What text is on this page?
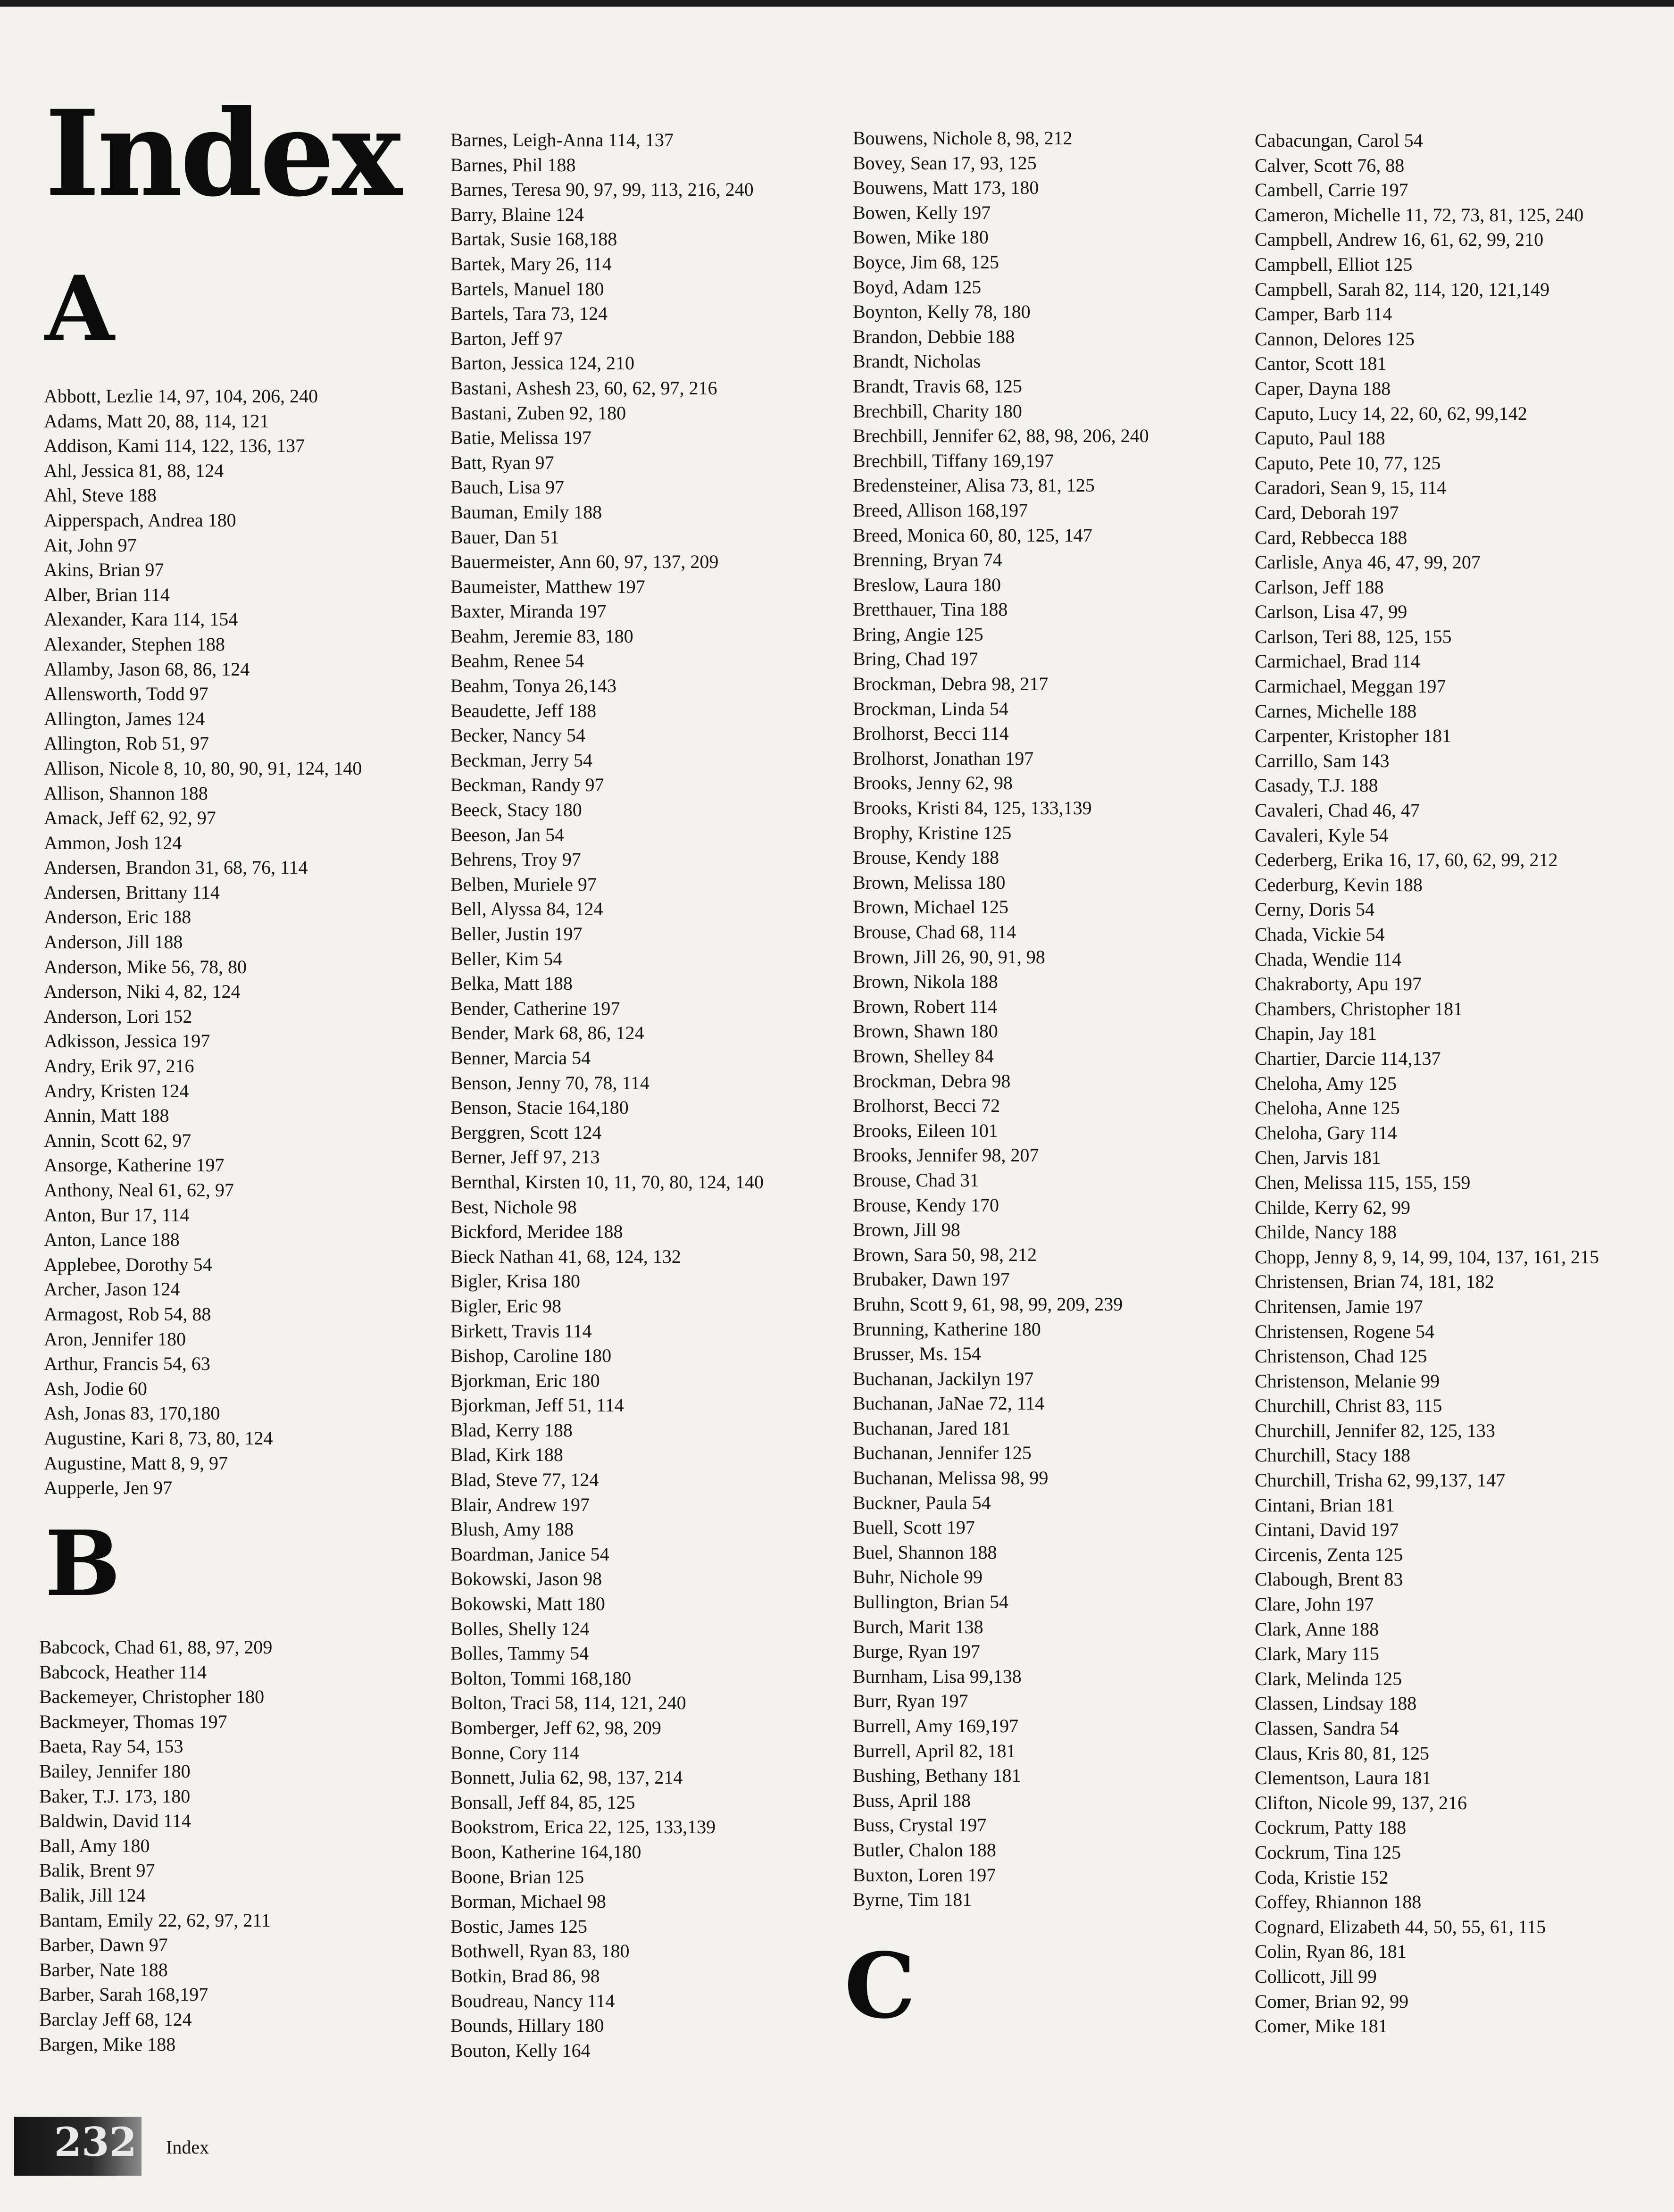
Index
A
Abbott, Lezlie 14, 97, 104, 206, 240
Adams, Matt 20, 88, 114, 121
Addison, Kami 114, 122, 136, 137
Ahl, Jessica 81, 88, 124
Ahl, Steve 188
Aipperspach, Andrea 180
Ait, John 97
Akins, Brian 97
Alber, Brian 114
Alexander, Kara 114, 154
Alexander, Stephen 188
Allamby, Jason 68, 86, 124
Allensworth, Todd 97
Allington, James 124
Allington, Rob 51, 97
Allison, Nicole 8, 10, 80, 90, 91, 124, 140
Allison, Shannon 188
Amack, Jeff 62, 92, 97
Ammon, Josh 124
Andersen, Brandon 31, 68, 76, 114
Andersen, Brittany 114
Anderson, Eric 188
Anderson, Jill 188
Anderson, Mike 56, 78, 80
Anderson, Niki 4, 82, 124
Anderson, Lori 152
Adkisson, Jessica 197
Andry, Erik 97, 216
Andry, Kristen 124
Annin, Matt 188
Annin, Scott 62, 97
Ansorge, Katherine 197
Anthony, Neal 61, 62, 97
Anton, Bur 17, 114
Anton, Lance 188
Applebee, Dorothy 54
Archer, Jason 124
Armagost, Rob 54, 88
Aron, Jennifer 180
Arthur, Francis 54, 63
Ash, Jodie 60
Ash, Jonas 83, 170,180
Augustine, Kari 8, 73, 80, 124
Augustine, Matt 8, 9, 97
Aupperle, Jen 97
B
Babcock, Chad 61, 88, 97, 209
Babcock, Heather 114
Backemeyer, Christopher 180
Backmeyer, Thomas 197
Baeta, Ray 54, 153
Bailey, Jennifer 180
Baker, T.J. 173, 180
Baldwin, David 114
Ball, Amy 180
Balik, Brent 97
Balik, Jill 124
Bantam, Emily 22, 62, 97, 211
Barber, Dawn 97
Barber, Nate 188
Barber, Sarah 168,197
Barclay Jeff 68, 124
Bargen, Mike 188
Barnes, Leigh-Anna 114, 137
Barnes, Phil 188
Barnes, Teresa 90, 97, 99, 113, 216, 240
Barry, Blaine 124
Bartak, Susie 168,188
Bartek, Mary 26, 114
Bartels, Manuel 180
Bartels, Tara 73, 124
Barton, Jeff 97
Barton, Jessica 124, 210
Bastani, Ashesh 23, 60, 62, 97, 216
Bastani, Zuben 92, 180
Batie, Melissa 197
Batt, Ryan 97
Bauch, Lisa 97
Bauman, Emily 188
Bauer, Dan 51
Bauermeister, Ann 60, 97, 137, 209
Baumeister, Matthew 197
Baxter, Miranda 197
Beahm, Jeremie 83, 180
Beahm, Renee 54
Beahm, Tonya 26,143
Beaudette, Jeff 188
Becker, Nancy 54
Beckman, Jerry 54
Beckman, Randy 97
Beeck, Stacy 180
Beeson, Jan 54
Behrens, Troy 97
Belben, Muriele 97
Bell, Alyssa 84, 124
Beller, Justin 197
Beller, Kim 54
Belka, Matt 188
Bender, Catherine 197
Bender, Mark 68, 86, 124
Benner, Marcia 54
Benson, Jenny 70, 78, 114
Benson, Stacie 164,180
Berggren, Scott 124
Berner, Jeff 97, 213
Bernthal, Kirsten 10, 11, 70, 80, 124, 140
Best, Nichole 98
Bickford, Meridee 188
Bieck Nathan 41, 68, 124, 132
Bigler, Krisa 180
Bigler, Eric 98
Birkett, Travis 114
Bishop, Caroline 180
Bjorkman, Eric 180
Bjorkman, Jeff 51, 114
Blad, Kerry 188
Blad, Kirk 188
Blad, Steve 77, 124
Blair, Andrew 197
Blush, Amy 188
Boardman, Janice 54
Bokowski, Jason 98
Bokowski, Matt 180
Bolles, Shelly 124
Bolles, Tammy 54
Bolton, Tommi 168,180
Bolton, Traci 58, 114, 121, 240
Bomberger, Jeff 62, 98, 209
Bonne, Cory 114
Bonnett, Julia 62, 98, 137, 214
Bonsall, Jeff 84, 85, 125
Bookstrom, Erica 22, 125, 133,139
Boon, Katherine 164,180
Boone, Brian 125
Borman, Michael 98
Bostic, James 125
Bothwell, Ryan 83, 180
Botkin, Brad 86, 98
Boudreau, Nancy 114
Bounds, Hillary 180
Bouton, Kelly 164
Bouwens, Nichole 8, 98, 212
Bovey, Sean 17, 93, 125
Bouwens, Matt 173, 180
Bowen, Kelly 197
Bowen, Mike 180
Boyce, Jim 68, 125
Boyd, Adam 125
Boynton, Kelly 78, 180
Brandon, Debbie 188
Brandt, Nicholas
Brandt, Travis 68, 125
Brechbill, Charity 180
Brechbill, Jennifer 62, 88, 98, 206, 240
Brechbill, Tiffany 169,197
Bredensteiner, Alisa 73, 81, 125
Breed, Allison 168,197
Breed, Monica 60, 80, 125, 147
Brenning, Bryan 74
Breslow, Laura 180
Bretthauer, Tina 188
Bring, Angie 125
Bring, Chad 197
Brockman, Debra 98, 217
Brockman, Linda 54
Brolhorst, Becci 114
Brolhorst, Jonathan 197
Brooks, Jenny 62, 98
Brooks, Kristi 84, 125, 133,139
Brophy, Kristine 125
Brouse, Kendy 188
Brown, Melissa 180
Brown, Michael 125
Brouse, Chad 68, 114
Brown, Jill 26, 90, 91, 98
Brown, Nikola 188
Brown, Robert 114
Brown, Shawn 180
Brown, Shelley 84
Brockman, Debra 98
Brolhorst, Becci 72
Brooks, Eileen 101
Brooks, Jennifer 98, 207
Brouse, Chad 31
Brouse, Kendy 170
Brown, Jill 98
Brown, Sara 50, 98, 212
Brubaker, Dawn 197
Bruhn, Scott 9, 61, 98, 99, 209, 239
Brunning, Katherine 180
Brusser, Ms. 154
Buchanan, Jackilyn 197
Buchanan, JaNae 72, 114
Buchanan, Jared 181
Buchanan, Jennifer 125
Buchanan, Melissa 98, 99
Buckner, Paula 54
Buell, Scott 197
Buel, Shannon 188
Buhr, Nichole 99
Bullington, Brian 54
Burch, Marit 138
Burge, Ryan 197
Burnham, Lisa 99,138
Burr, Ryan 197
Burrell, Amy 169,197
Burrell, April 82, 181
Bushing, Bethany 181
Buss, April 188
Buss, Crystal 197
Butler, Chalon 188
Buxton, Loren 197
Byrne, Tim 181
C
Cabacungan, Carol 54
Calver, Scott 76, 88
Cambell, Carrie 197
Cameron, Michelle 11, 72, 73, 81, 125, 240
Campbell, Andrew 16, 61, 62, 99, 210
Campbell, Elliot 125
Campbell, Sarah 82, 114, 120, 121,149
Camper, Barb 114
Cannon, Delores 125
Cantor, Scott 181
Caper, Dayna 188
Caputo, Lucy 14, 22, 60, 62, 99,142
Caputo, Paul 188
Caputo, Pete 10, 77, 125
Caradori, Sean 9, 15, 114
Card, Deborah 197
Card, Rebbecca 188
Carlisle, Anya 46, 47, 99, 207
Carlson, Jeff 188
Carlson, Lisa 47, 99
Carlson, Teri 88, 125, 155
Carmichael, Brad 114
Carmichael, Meggan 197
Carnes, Michelle 188
Carpenter, Kristopher 181
Carrillo, Sam 143
Casady, T.J. 188
Cavaleri, Chad 46, 47
Cavaleri, Kyle 54
Cederberg, Erika 16, 17, 60, 62, 99, 212
Cederburg, Kevin 188
Cerny, Doris 54
Chada, Vickie 54
Chada, Wendie 114
Chakraborty, Apu 197
Chambers, Christopher 181
Chapin, Jay 181
Chartier, Darcie 114,137
Cheloha, Amy 125
Cheloha, Anne 125
Cheloha, Gary 114
Chen, Jarvis 181
Chen, Melissa 115, 155, 159
Childe, Kerry 62, 99
Childe, Nancy 188
Chopp, Jenny 8, 9, 14, 99, 104, 137, 161, 215
Christensen, Brian 74, 181, 182
Chritensen, Jamie 197
Christensen, Rogene 54
Christenson, Chad 125
Christenson, Melanie 99
Churchill, Christ 83, 115
Churchill, Jennifer 82, 125, 133
Churchill, Stacy 188
Churchill, Trisha 62, 99,137, 147
Cintani, Brian 181
Cintani, David 197
Circenis, Zenta 125
Clabough, Brent 83
Clare, John 197
Clark, Anne 188
Clark, Mary 115
Clark, Melinda 125
Classen, Lindsay 188
Classen, Sandra 54
Claus, Kris 80, 81, 125
Clementson, Laura 181
Clifton, Nicole 99, 137, 216
Cockrum, Patty 188
Cockrum, Tina 125
Coda, Kristie 152
Coffey, Rhiannon 188
Cognard, Elizabeth 44, 50, 55, 61, 115
Colin, Ryan 86, 181
Collicott, Jill 99
Comer, Brian 92, 99
Comer, Mike 181
232 Index
